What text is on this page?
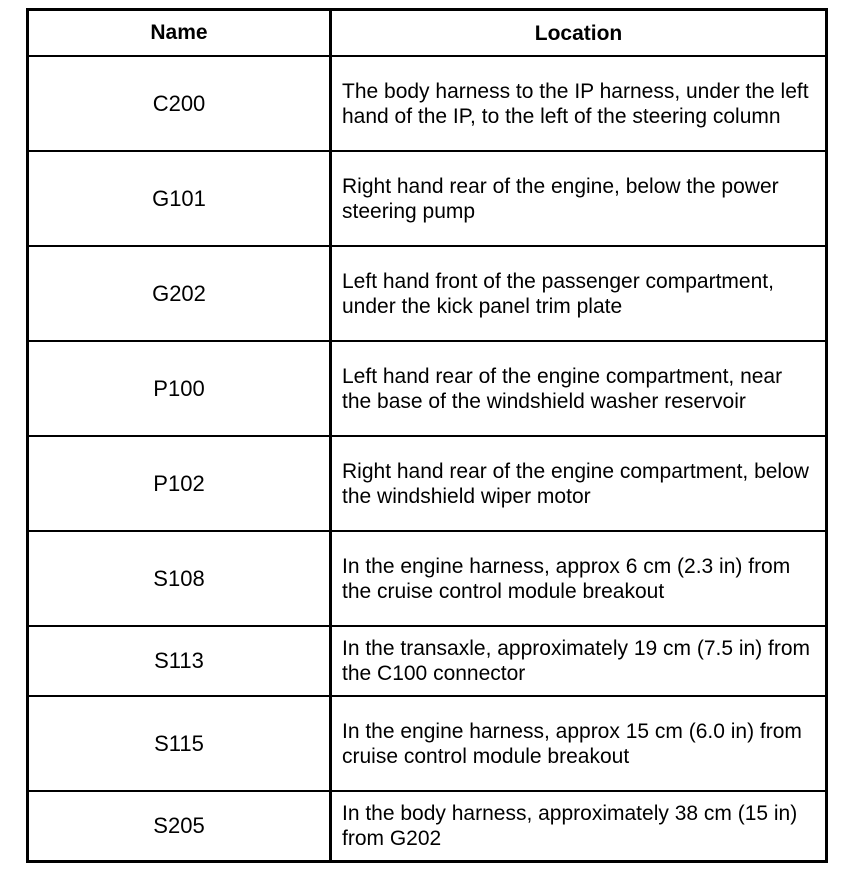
Name	Location
C200	The body harness to the IP harness, under the left hand of the IP, to the left of the steering column
G101	Right hand rear of the engine, below the power steering pump
G202	Left hand front of the passenger compartment, under the kick panel trim plate
P100	Left hand rear of the engine compartment, near the base of the windshield washer reservoir
P102	Right hand rear of the engine compartment, below the windshield wiper motor
S108	In the engine harness, approx 6 cm (2.3 in) from the cruise control module breakout
S113	In the transaxle, approximately 19 cm (7.5 in) from the C100 connector
S115	In the engine harness, approx 15 cm (6.0 in) from cruise control module breakout
S205	In the body harness, approximately 38 cm (15 in) from G202
